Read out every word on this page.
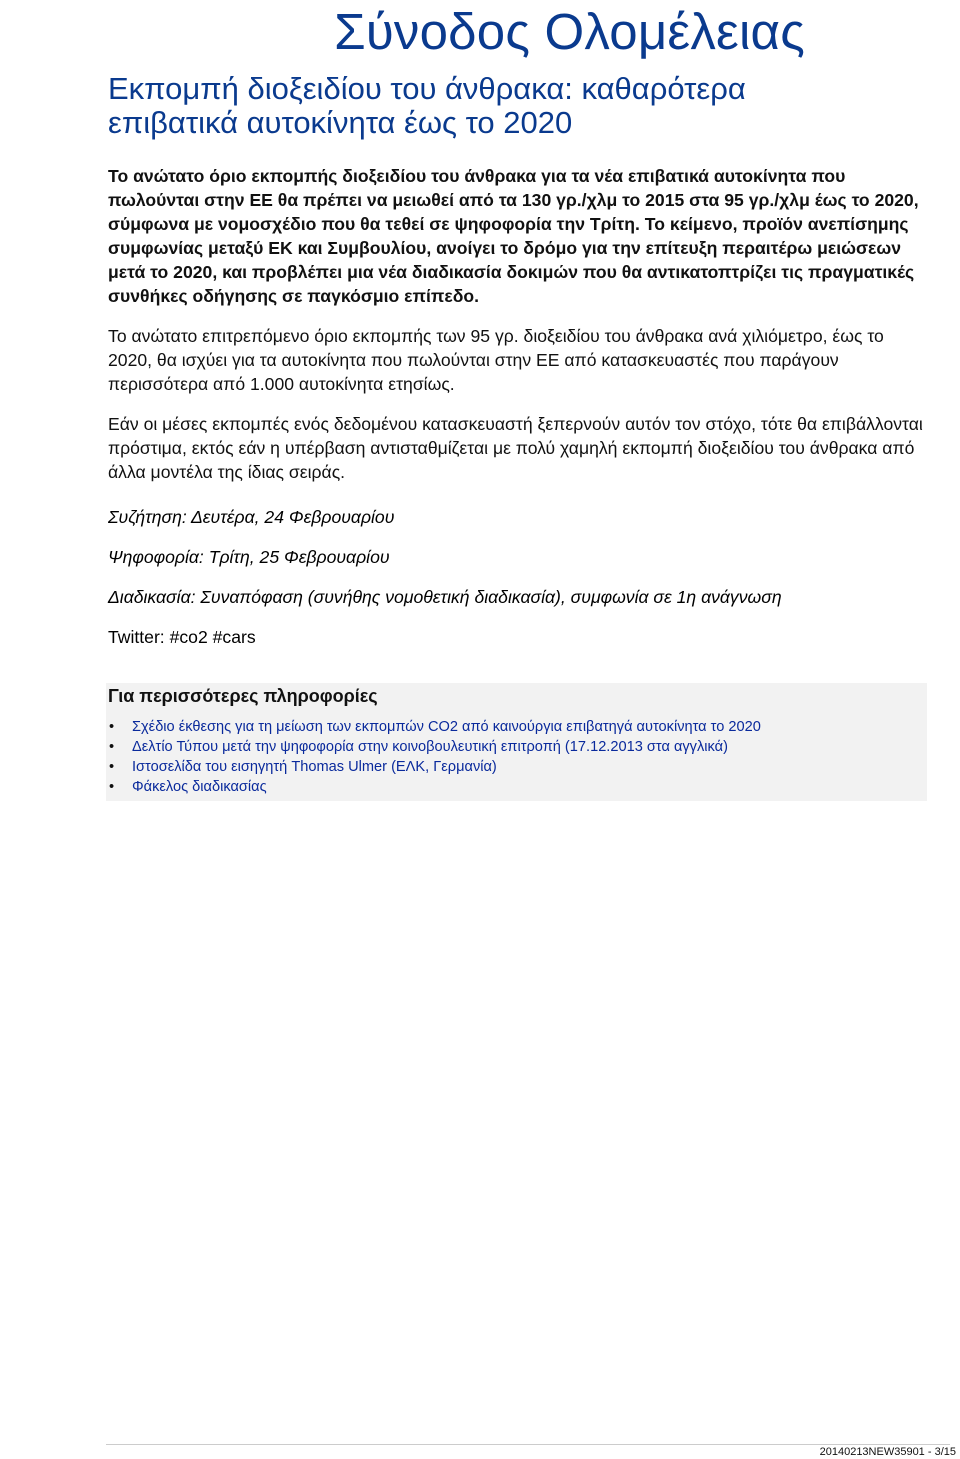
Σύνοδος Ολομέλειας
Εκπομπή διοξειδίου του άνθρακα: καθαρότερα
επιβατικά αυτοκίνητα έως το 2020
Το ανώτατο όριο εκπομπής διοξειδίου του άνθρακα για τα νέα επιβατικά αυτοκίνητα που πωλούνται στην ΕΕ θα πρέπει να μειωθεί από τα 130 γρ./χλμ το 2015 στα 95 γρ./χλμ έως το 2020, σύμφωνα με νομοσχέδιο που θα τεθεί σε ψηφοφορία την Τρίτη. Το κείμενο, προϊόν ανεπίσημης συμφωνίας μεταξύ ΕΚ και Συμβουλίου, ανοίγει το δρόμο για την επίτευξη περαιτέρω μειώσεων μετά το 2020, και προβλέπει μια νέα διαδικασία δοκιμών που θα αντικατοπτρίζει τις πραγματικές συνθήκες οδήγησης σε παγκόσμιο επίπεδο.
Το ανώτατο επιτρεπόμενο όριο εκπομπής των 95 γρ. διοξειδίου του άνθρακα ανά χιλιόμετρο, έως το 2020, θα ισχύει για τα αυτοκίνητα που πωλούνται στην ΕΕ από κατασκευαστές που παράγουν περισσότερα από 1.000 αυτοκίνητα ετησίως.
Εάν οι μέσες εκπομπές ενός δεδομένου κατασκευαστή ξεπερνούν αυτόν τον στόχο, τότε θα επιβάλλονται πρόστιμα, εκτός εάν η υπέρβαση αντισταθμίζεται με πολύ χαμηλή εκπομπή διοξειδίου του άνθρακα από άλλα μοντέλα της ίδιας σειράς.
Συζήτηση: Δευτέρα, 24 Φεβρουαρίου
Ψηφοφορία: Τρίτη, 25 Φεβρουαρίου
Διαδικασία: Συναπόφαση (συνήθης νομοθετική διαδικασία), συμφωνία σε 1η ανάγνωση
Twitter: #co2 #cars
Για περισσότερες πληροφορίες
• Σχέδιο έκθεσης για τη μείωση των εκπομπών CO2 από καινούργια επιβατηγά αυτοκίνητα το 2020
• Δελτίο Τύπου μετά την ψηφοφορία στην κοινοβουλευτική επιτροπή (17.12.2013 στα αγγλικά)
• Ιστοσελίδα του εισηγητή Thomas Ulmer (ΕΛΚ, Γερμανία)
• Φάκελος διαδικασίας
20140213NEW35901 - 3/15
